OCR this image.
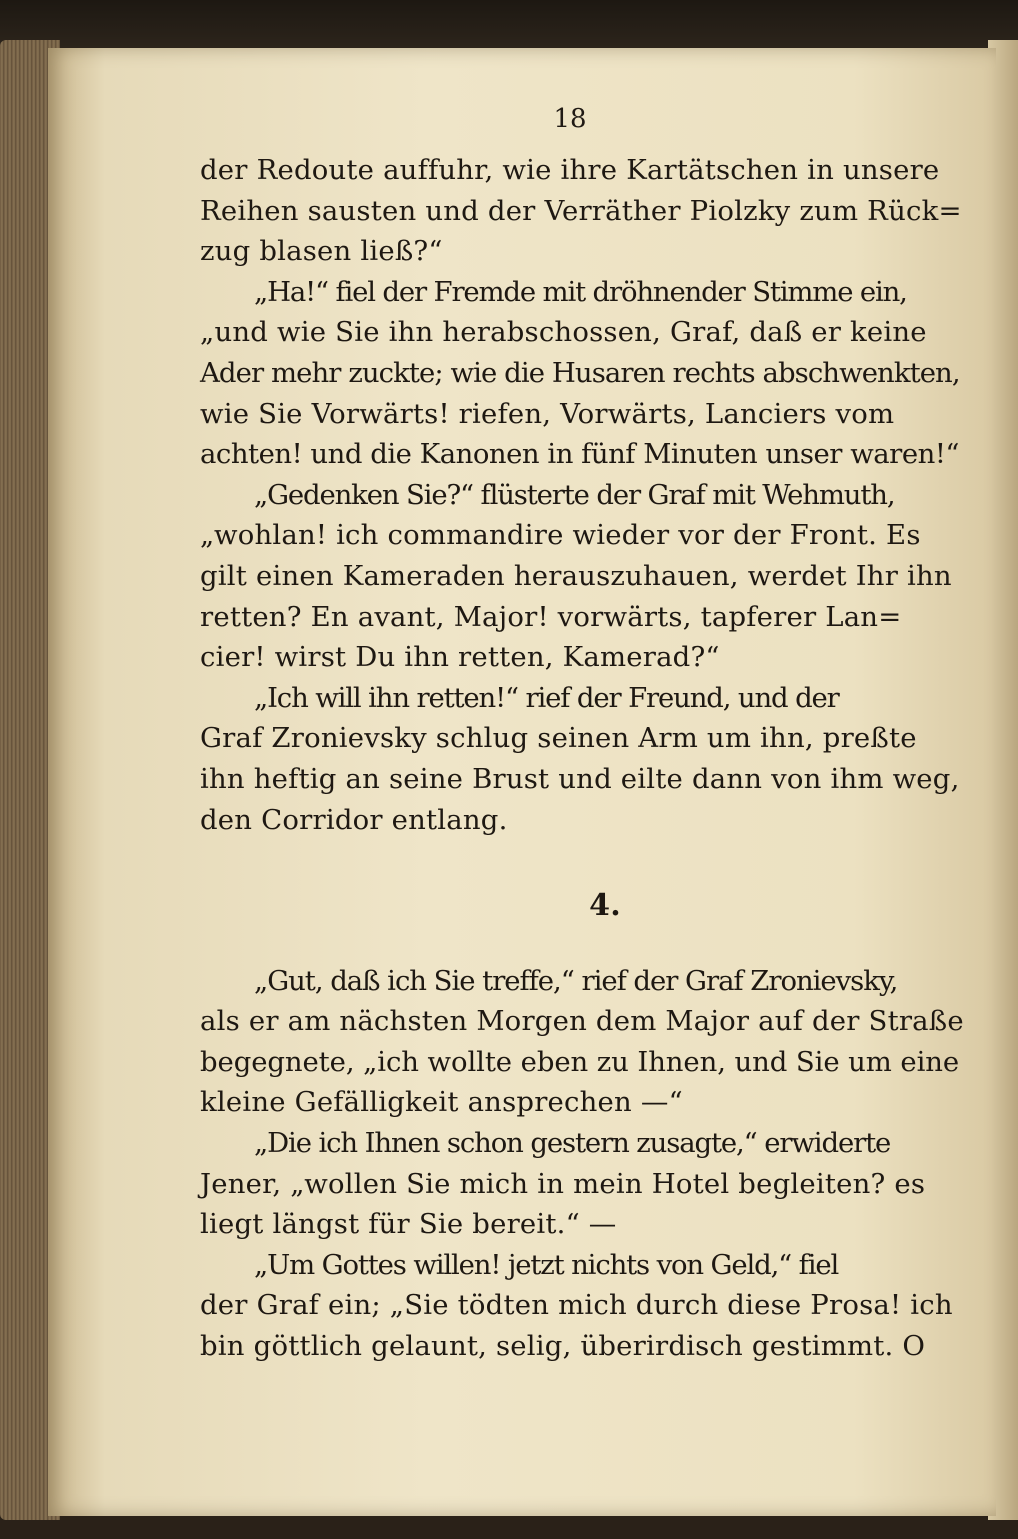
18

der Redoute auffuhr, wie ihre Kartätschen in unsere
Reihen sausten und der Verräther Piolzky zum Rück=
zug blasen ließ?“

„Ha!“ fiel der Fremde mit dröhnender Stimme ein,
„und wie Sie ihn herabschossen, Graf, daß er keine
Ader mehr zuckte; wie die Husaren rechts abschwenkten,
wie Sie Vorwärts! riefen, Vorwärts, Lanciers vom
achten! und die Kanonen in fünf Minuten unser waren!“

„Gedenken Sie?“ flüsterte der Graf mit Wehmuth,
„wohlan! ich commandire wieder vor der Front. Es
gilt einen Kameraden herauszuhauen, werdet Ihr ihn
retten? En avant, Major! vorwärts, tapferer Lan=
cier! wirst Du ihn retten, Kamerad?“

„Ich will ihn retten!“ rief der Freund, und der
Graf Zronievsky schlug seinen Arm um ihn, preßte
ihn heftig an seine Brust und eilte dann von ihm weg,
den Corridor entlang.

4.

„Gut, daß ich Sie treffe,“ rief der Graf Zronievsky,
als er am nächsten Morgen dem Major auf der Straße
begegnete, „ich wollte eben zu Ihnen, und Sie um eine
kleine Gefälligkeit ansprechen —“

„Die ich Ihnen schon gestern zusagte,“ erwiderte
Jener, „wollen Sie mich in mein Hotel begleiten? es
liegt längst für Sie bereit.“ —

„Um Gottes willen! jetzt nichts von Geld,“ fiel
der Graf ein; „Sie tödten mich durch diese Prosa! ich
bin göttlich gelaunt, selig, überirdisch gestimmt. O
